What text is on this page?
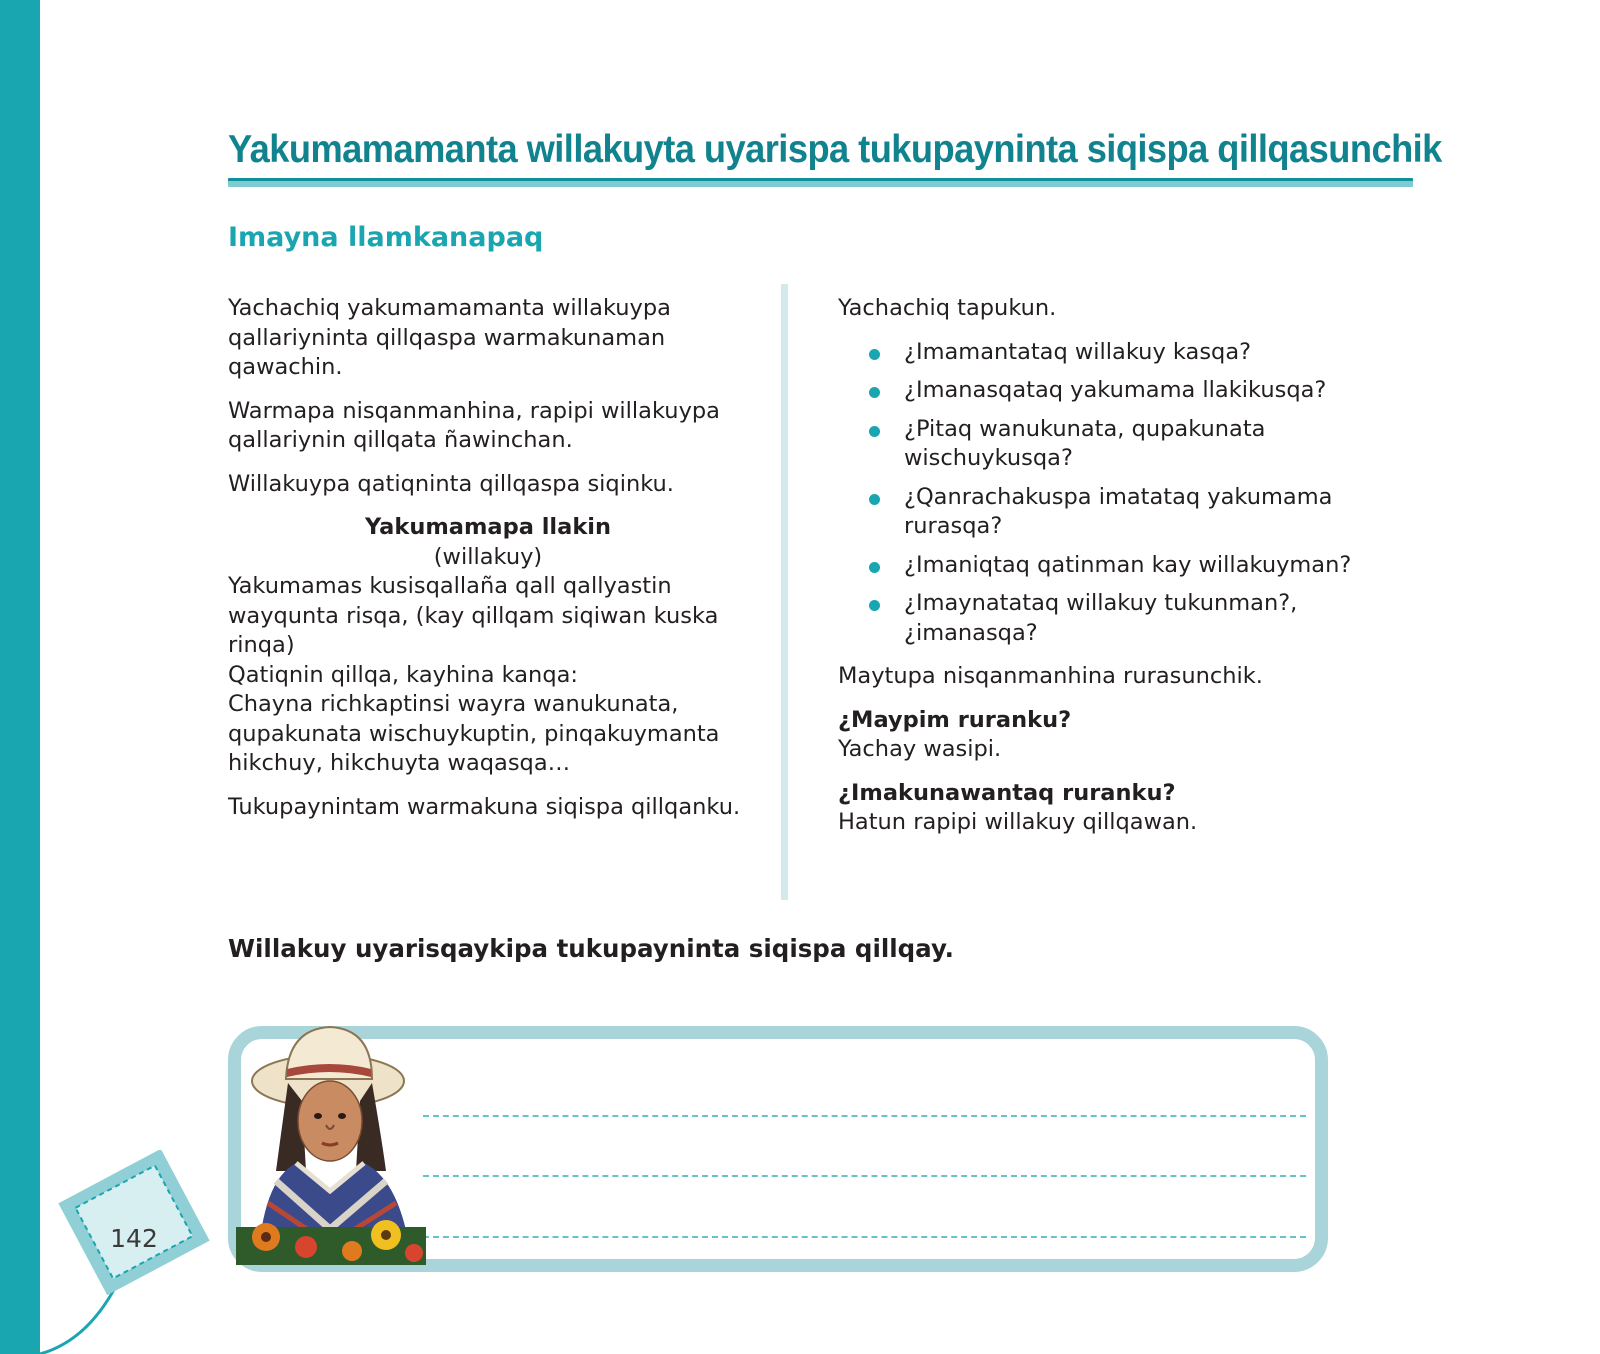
Yakumamamanta willakuyta uyarispa tukupayninta siqispa qillqasunchik
Imayna llamkanapaq

Yachachiq yakumamamanta willakuypa qallariyninta qillqaspa warmakunaman qawachin.

Warmapa nisqanmanhina, rapipi willakuypa qallariynin qillqata ñawinchan.

Willakuypa qatiqninta qillqaspa siqinku.

Yakumamapa llakin
(willakuy)
Yakumamas kusisqallaña qall qallyastin wayqunta risqa, (kay qillqam siqiwan kuska rinqa)
Qatiqnin qillqa, kayhina kanqa:
Chayna richkaptinsi wayra wanukunata, qupakunata wischuykuptin, pinqakuymanta hikchuy, hikchuyta waqasqa…

Tukupaynintam warmakuna siqispa qillqanku.

Yachachiq tapukun.

¿Imamantataq willakuy kasqa?
¿Imanasqataq yakumama llakikusqa?
¿Pitaq wanukunata, qupakunata wischuykusqa?
¿Qanrachakuspa imatataq yakumama rurasqa?
¿Imaniqtaq qatinman kay willakuyman?
¿Imaynatataq willakuy tukunman?, ¿imanasqa?

Maytupa nisqanmanhina rurasunchik.

¿Maypim ruranku?
Yachay wasipi.

¿Imakunawantaq ruranku?
Hatun rapipi willakuy qillqawan.

Willakuy uyarisqaykipa tukupayninta siqispa qillqay.

142
